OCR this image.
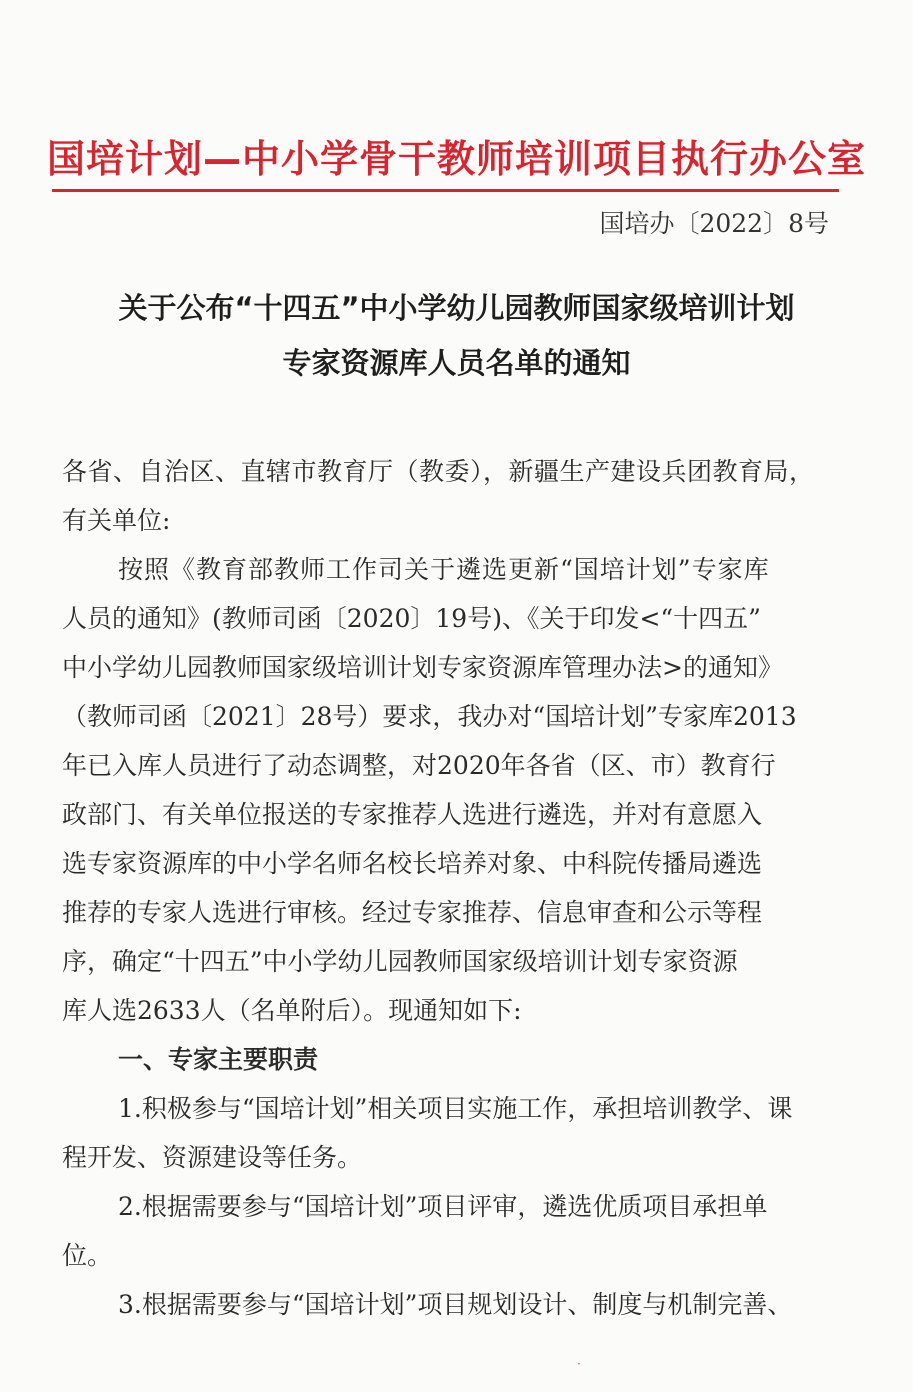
国培计划—中小学骨干教师培训项目执行办公室
国培办〔2022〕8号
关于公布“十四五”中小学幼儿园教师国家级培训计划
专家资源库人员名单的通知
各省、自治区、直辖市教育厅（教委），新疆生产建设兵团教育局，
有关单位:
按照《教育部教师工作司关于遴选更新“国培计划”专家库
人员的通知》(教师司函〔2020〕19号)、《关于印发<“十四五”
中小学幼儿园教师国家级培训计划专家资源库管理办法>的通知》
（教师司函〔2021〕28号）要求，我办对“国培计划”专家库2013
年已入库人员进行了动态调整，对2020年各省（区、市）教育行
政部门、有关单位报送的专家推荐人选进行遴选，并对有意愿入
选专家资源库的中小学名师名校长培养对象、中科院传播局遴选
推荐的专家人选进行审核。经过专家推荐、信息审查和公示等程
序，确定“十四五”中小学幼儿园教师国家级培训计划专家资源
库人选2633人（名单附后）。现通知如下:
一、专家主要职责
1.积极参与“国培计划”相关项目实施工作，承担培训教学、课
程开发、资源建设等任务。
2.根据需要参与“国培计划”项目评审，遴选优质项目承担单
位。
3.根据需要参与“国培计划”项目规划设计、制度与机制完善、
·
